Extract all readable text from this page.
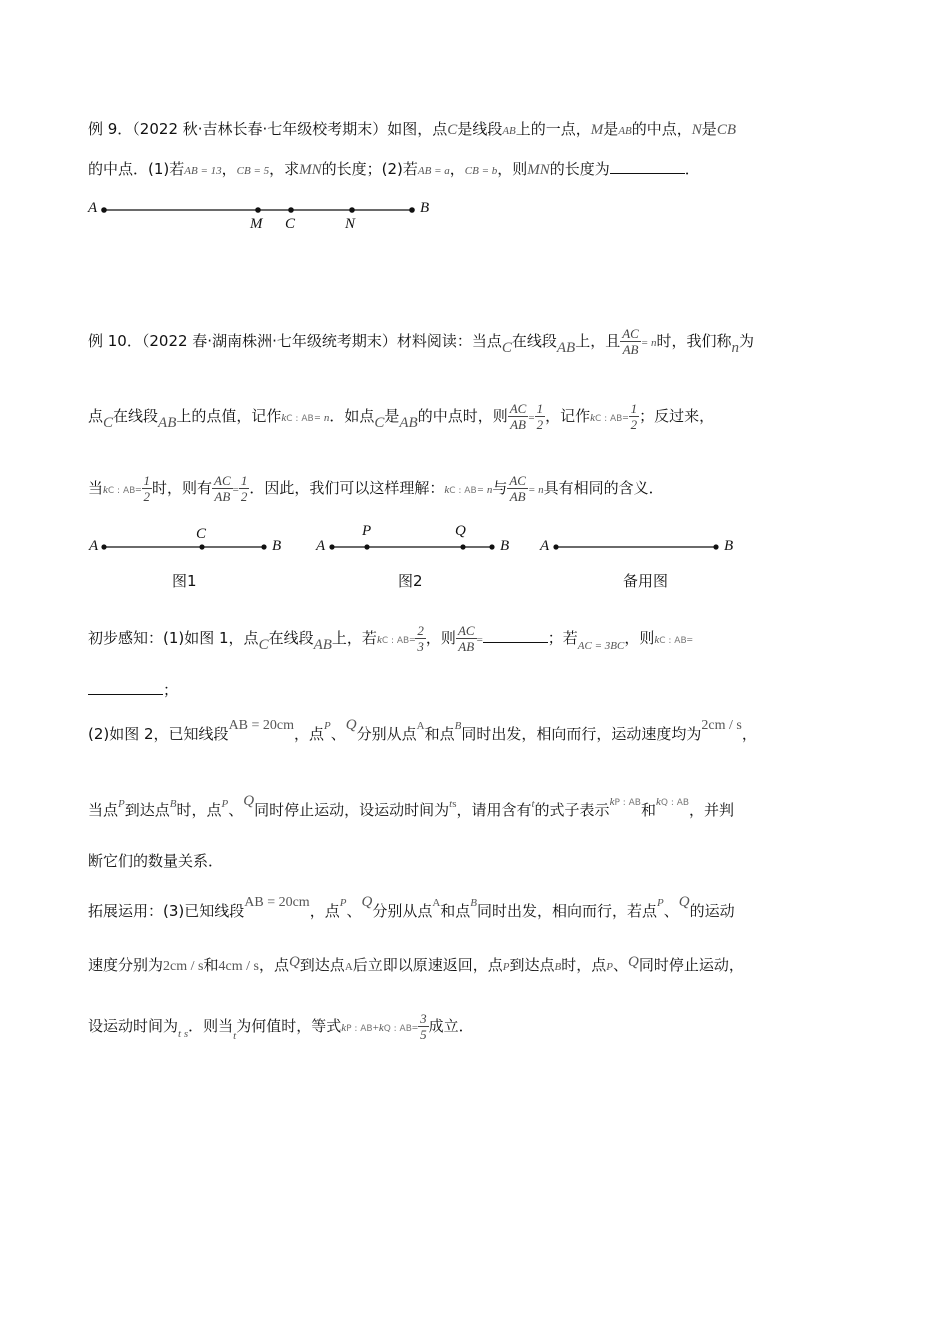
例 9．（2022 秋·吉林长春·七年级校考期末）如图，点C是线段AB上的一点，M是AB的中点，N是CB
的中点．(1)若AB = 13，CB = 5，求MN的长度；(2)若AB = a，CB = b，则MN的长度为	．
A
M C	N
B
例 10．（2022 春·湖南株洲·七年级统考期末）材料阅读：当点C在线段AB上，且 $\frac{AC}{AB} = n$时，我们称n为
点C在线段AB上的点值，记作kC : AB= n．如点C是AB的中点时，则 $\frac{AC}{AB} = \frac{1}{2}$ ，记作kC : $AB= \frac{1}{2}$ ；反过来，
当kC : $AB= \frac{1}{2}$ 时，则有 $\frac{AC}{AB} = \frac{1}{2}$ ．因此，我们可以这样理解：kC : AB= n与 $\frac{AC}{AB} = n$具有相同的含义．
A
C
B
图1
A
P	Q
B
图2
A	B
备用图
初步感知：(1)如图 1，点C在线段AB上，若kC : $AB= \frac{2}{3}$ ，则 $\frac{AC}{AB}$ =	；若$_{AC = 3BC}$，则kC : AB=
；
(2)如图 2，已知线段AB = 20cm，点$^P$、Q分别从点$^A$和点$^B$同时出发，相向而行，运动速度均为2cm / s，
当点$^P$到达点$^B$时，点$^P$、Q同时停止运动，设运动时间为$^{ts}$，请用含有$^t$的式子表示$^{kP : AB}$和$^{kQ : AB}$，并判
断它们的数量关系．
拓展运用：(3)已知线段AB = 20cm，点$^P$、Q分别从点$^A$和点$^B$同时出发，相向而行，若点$^P$、Q的运动
速度分别为2cm / s和4cm / s，点Q到达点A后立即以原速返回，点P到达点B时，点P、Q同时停止运动，
设运动时间为$_{t s}$．则当$_t$为何值时，等式kP : AB+kQ : $AB= \frac{3}{5}$ 成立．
